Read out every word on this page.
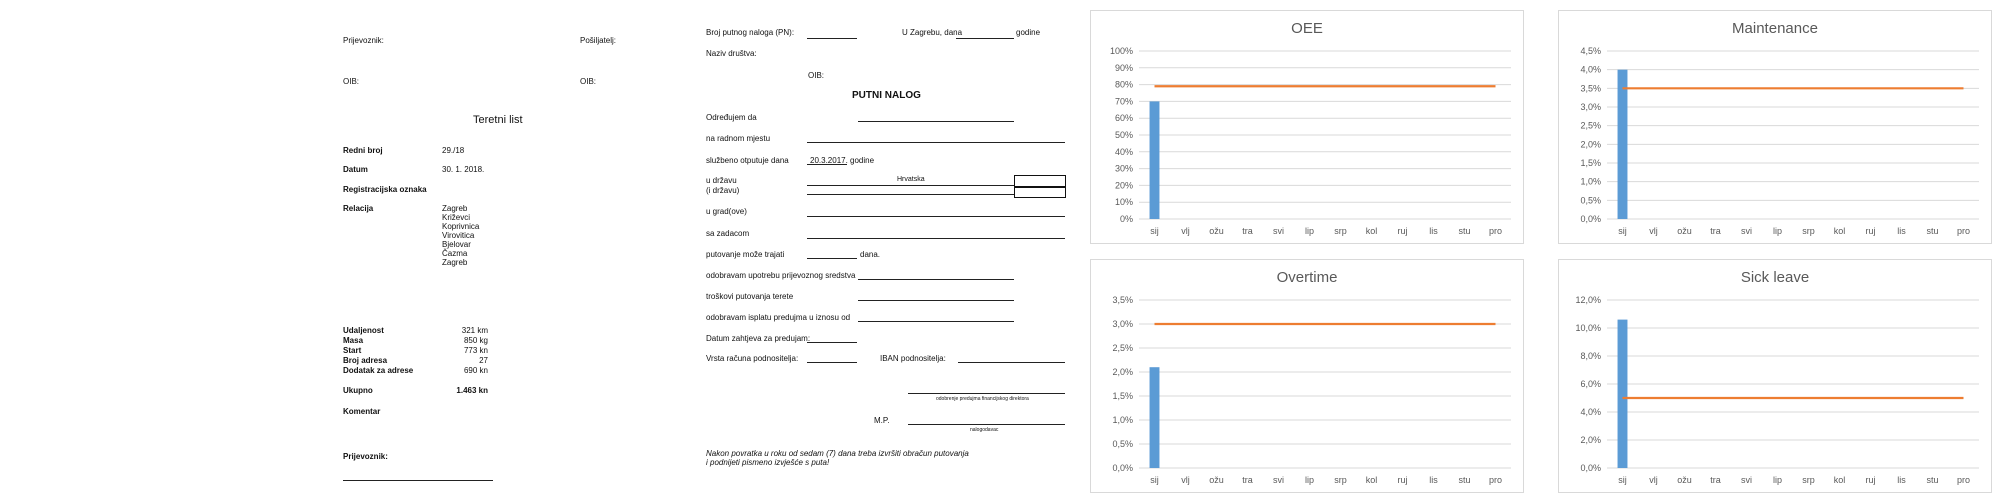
Prijevoznik:	Pošiljatelj:
OIB:	OIB:
Teretni list
Redni broj	29./18
Datum	30. 1. 2018.
Registracijska oznaka
Relacija	Zagreb
Križevci
Koprivnica
Virovitica
Bjelovar
Čazma
Zagreb
Udaljenost	321 km
Masa	850 kg
Start	773 kn
Broj adresa	27
Dodatak za adrese	690 kn
Ukupno	1.463 kn
Komentar
Prijevoznik:
Broj putnog naloga (PN):	U Zagrebu, dana	godine
Naziv društva:
OIB:
PUTNI NALOG
Određujem da
na radnom mjestu
službeno otputuje dana	20.3.2017. godine
u državu
(i državu)
Hrvatska
u grad(ove)
sa zadacom
putovanje može trajati	dana.
odobravam upotrebu prijevoznog sredstva
troškovi putovanja terete
odobravam isplatu predujma u iznosu od
Datum zahtjeva za predujam:
Vrsta računa podnositelja:	IBAN podnositelja:
odobrenje predujma financijskog direktora
M.P.
nalogodavac
Nakon povratka u roku od sedam (7) dana treba izvršiti obračun putovanja
i podnijeti pismeno izvješće s puta!
OEE
0%
10%
20%
30%
40%
50%
60%
70%
80%
90%
100%
sij	vlj ožu tra svi lip srp kol ruj lis stu pro
Maintenance
0,0%
0,5%
1,0%
1,5%
2,0%
2,5%
3,0%
3,5%
4,0%
4,5%
sij	vlj ožu tra svi lip srp kol ruj lis stu pro
Overtime
0,0%
0,5%
1,0%
1,5%
2,0%
2,5%
3,0%
3,5%
sij	vlj ožu tra svi lip srp kol ruj lis stu pro
Sick leave
0,0%
2,0%
4,0%
6,0%
8,0%
10,0%
12,0%
sij	vlj ožu tra svi lip srp kol ruj lis stu pro
